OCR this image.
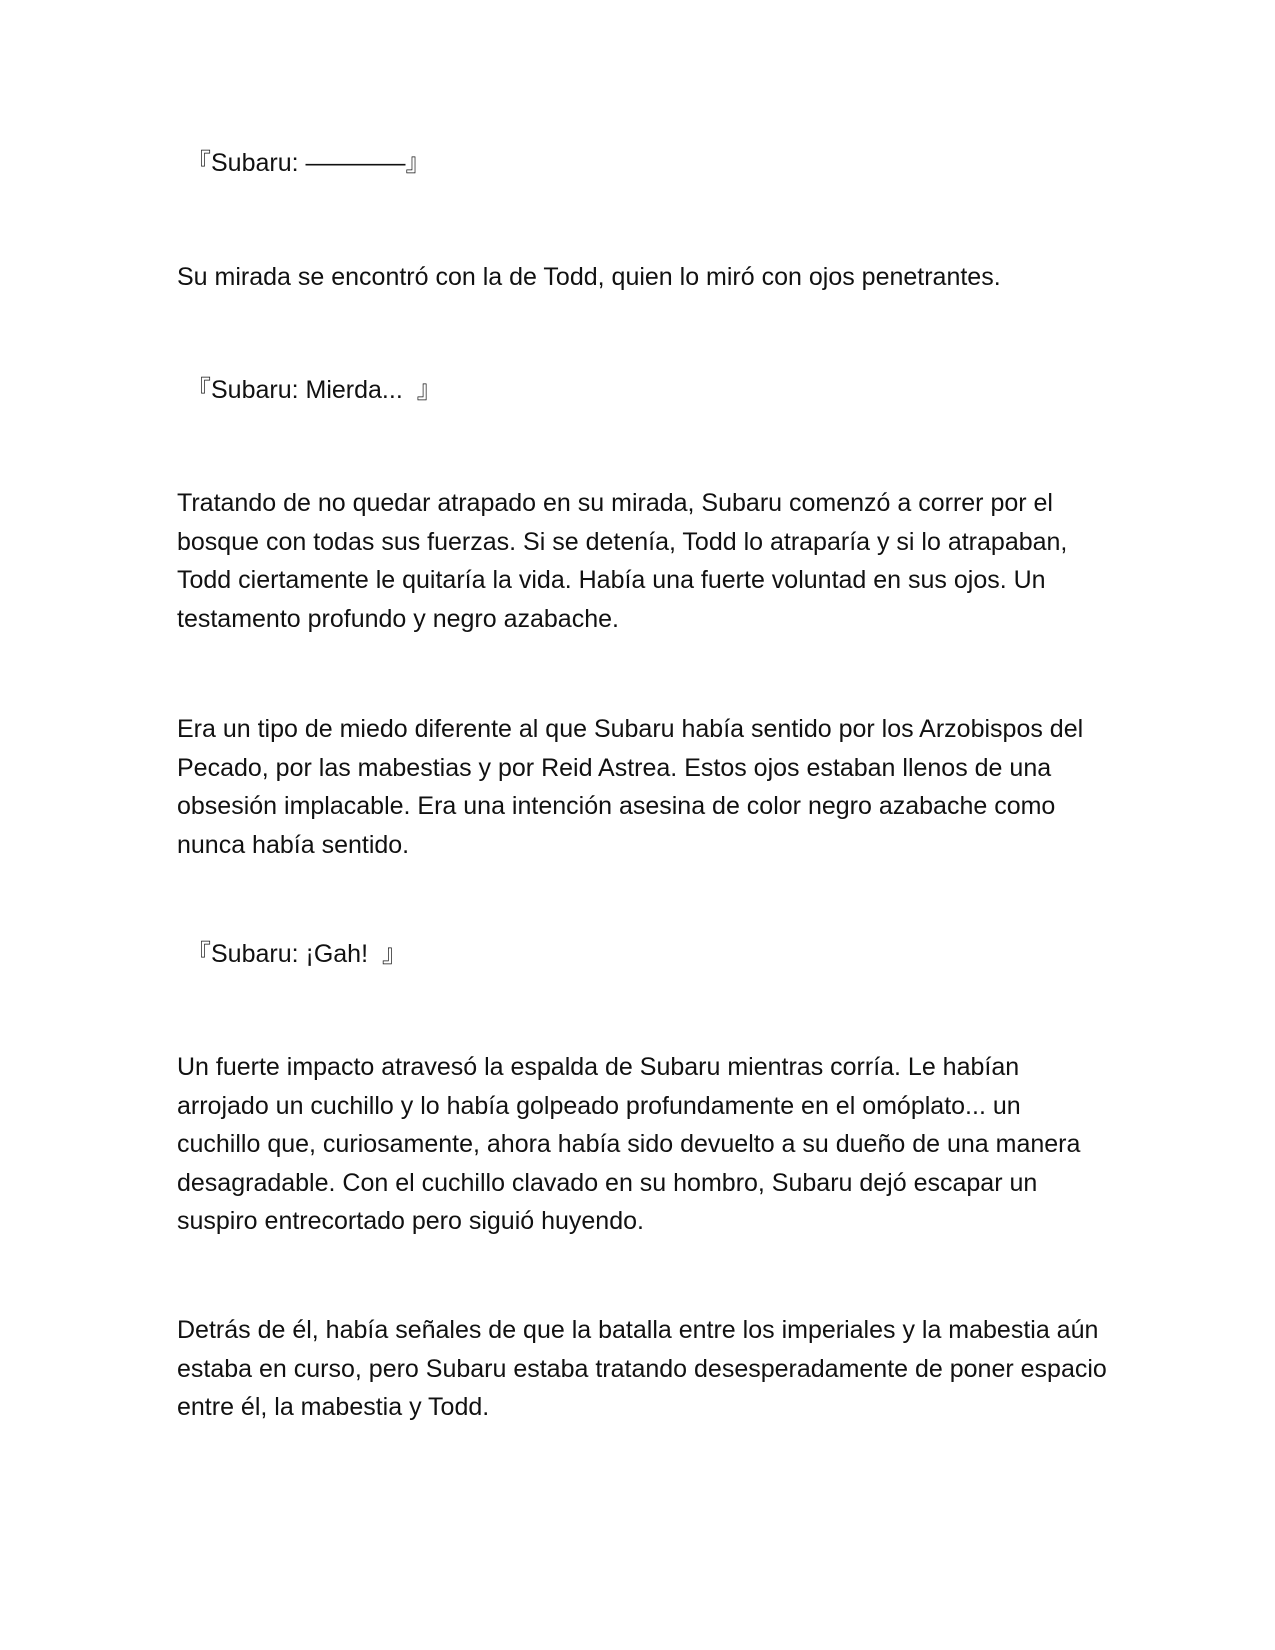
『Subaru: ————』

Su mirada se encontró con la de Todd, quien lo miró con ojos penetrantes.

『Subaru: Mierda...  』

Tratando de no quedar atrapado en su mirada, Subaru comenzó a correr por el bosque con todas sus fuerzas. Si se detenía, Todd lo atraparía y si lo atrapaban, Todd ciertamente le quitaría la vida. Había una fuerte voluntad en sus ojos. Un testamento profundo y negro azabache.

Era un tipo de miedo diferente al que Subaru había sentido por los Arzobispos del Pecado, por las mabestias y por Reid Astrea. Estos ojos estaban llenos de una obsesión implacable. Era una intención asesina de color negro azabache como nunca había sentido.

『Subaru: ¡Gah!  』

Un fuerte impacto atravesó la espalda de Subaru mientras corría. Le habían arrojado un cuchillo y lo había golpeado profundamente en el omóplato... un cuchillo que, curiosamente, ahora había sido devuelto a su dueño de una manera desagradable. Con el cuchillo clavado en su hombro, Subaru dejó escapar un suspiro entrecortado pero siguió huyendo.

Detrás de él, había señales de que la batalla entre los imperiales y la mabestia aún estaba en curso, pero Subaru estaba tratando desesperadamente de poner espacio entre él, la mabestia y Todd.
